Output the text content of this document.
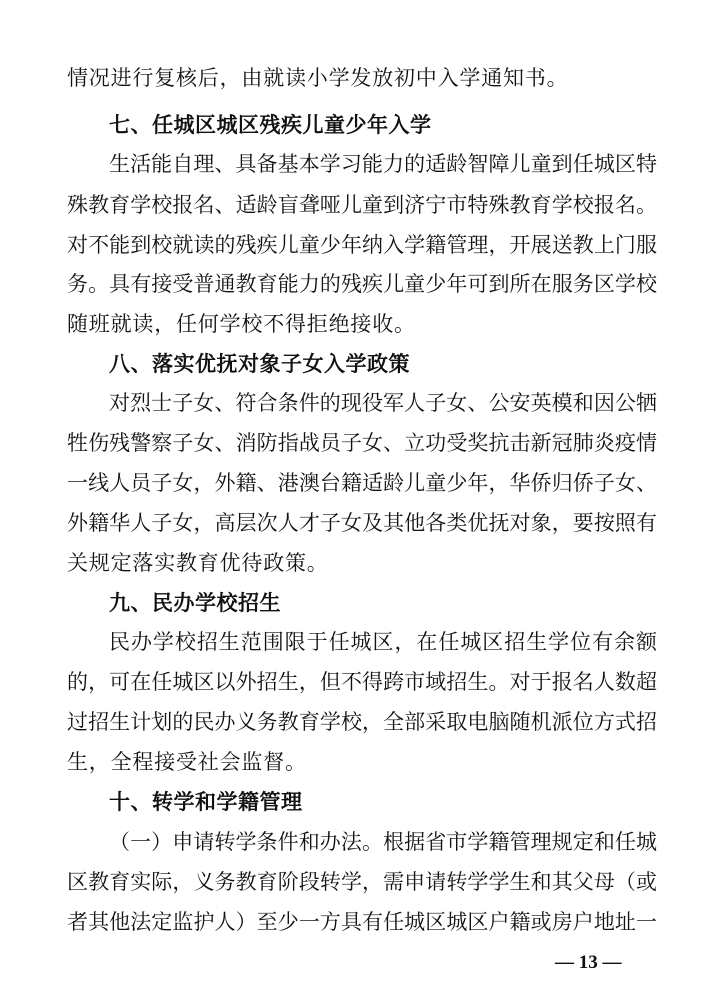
情况进行复核后，由就读小学发放初中入学通知书。
七、任城区城区残疾儿童少年入学
生活能自理、具备基本学习能力的适龄智障儿童到任城区特
殊教育学校报名、适龄盲聋哑儿童到济宁市特殊教育学校报名。
对不能到校就读的残疾儿童少年纳入学籍管理，开展送教上门服
务。具有接受普通教育能力的残疾儿童少年可到所在服务区学校
随班就读，任何学校不得拒绝接收。
八、落实优抚对象子女入学政策
对烈士子女、符合条件的现役军人子女、公安英模和因公牺
牲伤残警察子女、消防指战员子女、立功受奖抗击新冠肺炎疫情
一线人员子女，外籍、港澳台籍适龄儿童少年，华侨归侨子女、
外籍华人子女，高层次人才子女及其他各类优抚对象，要按照有
关规定落实教育优待政策。
九、民办学校招生
民办学校招生范围限于任城区，在任城区招生学位有余额
的，可在任城区以外招生，但不得跨市域招生。对于报名人数超
过招生计划的民办义务教育学校，全部采取电脑随机派位方式招
生，全程接受社会监督。
十、转学和学籍管理
（一）申请转学条件和办法。根据省市学籍管理规定和任城
区教育实际，义务教育阶段转学，需申请转学学生和其父母（或
者其他法定监护人）至少一方具有任城区城区户籍或房户地址一
— 13 —
